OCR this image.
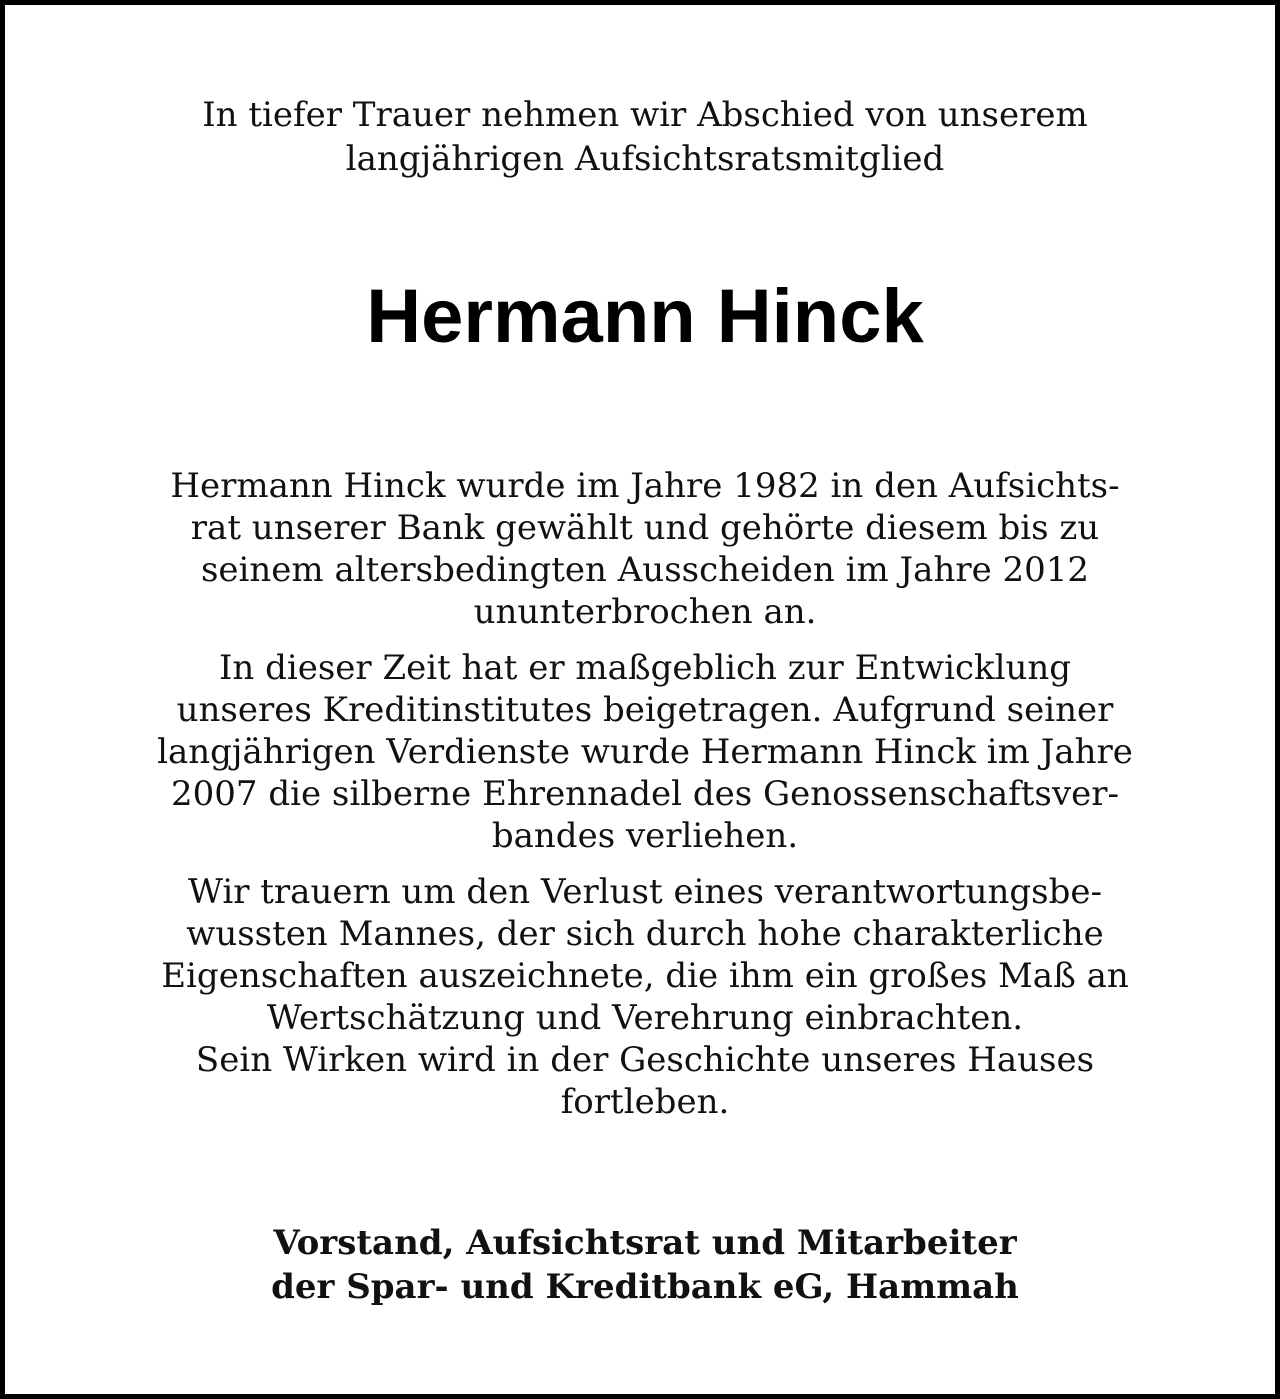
In tiefer Trauer nehmen wir Abschied von unserem
langjährigen Aufsichtsratsmitglied
Hermann Hinck
Hermann Hinck wurde im Jahre 1982 in den Aufsichts-
rat unserer Bank gewählt und gehörte diesem bis zu
seinem altersbedingten Ausscheiden im Jahre 2012
ununterbrochen an.
In dieser Zeit hat er maßgeblich zur Entwicklung
unseres Kreditinstitutes beigetragen. Aufgrund seiner
langjährigen Verdienste wurde Hermann Hinck im Jahre
2007 die silberne Ehrennadel des Genossenschaftsver-
bandes verliehen.
Wir trauern um den Verlust eines verantwortungsbe-
wussten Mannes, der sich durch hohe charakterliche
Eigenschaften auszeichnete, die ihm ein großes Maß an
Wertschätzung und Verehrung einbrachten.
Sein Wirken wird in der Geschichte unseres Hauses
fortleben.
Vorstand, Aufsichtsrat und Mitarbeiter
der Spar- und Kreditbank eG, Hammah
